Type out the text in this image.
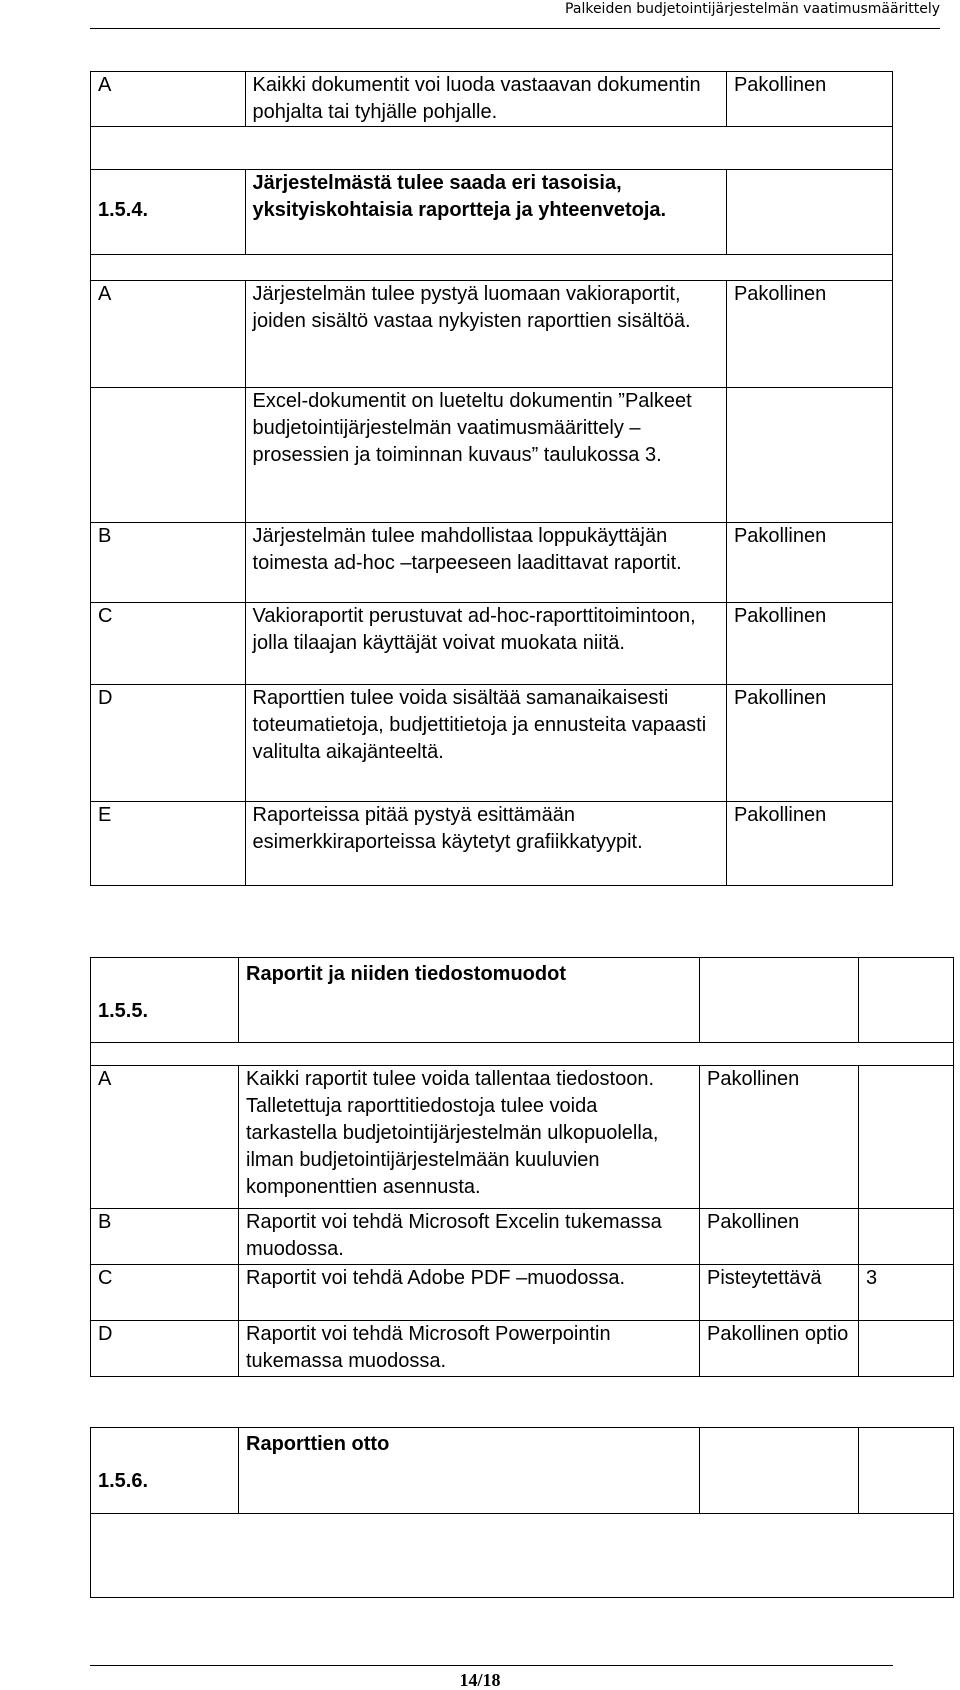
Palkeiden budjetointijärjestelmän vaatimusmäärittely
A	Kaikki dokumentit voi luoda vastaavan dokumentin pohjalta tai tyhjälle pohjalle.	Pakollinen

1.5.4.	Järjestelmästä tulee saada eri tasoisia, yksityiskohtaisia raportteja ja yhteenvetoja.	

A	Järjestelmän tulee pystyä luomaan vakioraportit, joiden sisältö vastaa nykyisten raporttien sisältöä.	Pakollinen
	Excel-dokumentit on lueteltu dokumentin ”Palkeet budjetointijärjestelmän vaatimusmäärittely – prosessien ja toiminnan kuvaus” taulukossa 3.	
B	Järjestelmän tulee mahdollistaa loppukäyttäjän toimesta ad-hoc –tarpeeseen laadittavat raportit.	Pakollinen
C	Vakioraportit perustuvat ad-hoc-raporttitoimintoon, jolla tilaajan käyttäjät voivat muokata niitä.	Pakollinen
D	Raporttien tulee voida sisältää samanaikaisesti toteumatietoja, budjettitietoja ja ennusteita vapaasti valitulta aikajänteeltä.	Pakollinen
E	Raporteissa pitää pystyä esittämään esimerkkiraporteissa käytetyt grafiikkatyypit.	Pakollinen
1.5.5.	Raportit ja niiden tiedostomuodot		

A	Kaikki raportit tulee voida tallentaa tiedostoon. Talletettuja raporttitiedostoja tulee voida tarkastella budjetointijärjestelmän ulkopuolella, ilman budjetointijärjestelmään kuuluvien komponenttien asennusta.	Pakollinen	
B	Raportit voi tehdä Microsoft Excelin tukemassa muodossa.	Pakollinen	
C	Raportit voi tehdä Adobe PDF –muodossa.	Pisteytettävä	3
D	Raportit voi tehdä Microsoft Powerpointin tukemassa muodossa.	Pakollinen optio	
1.5.6.	Raporttien otto		

14/18
